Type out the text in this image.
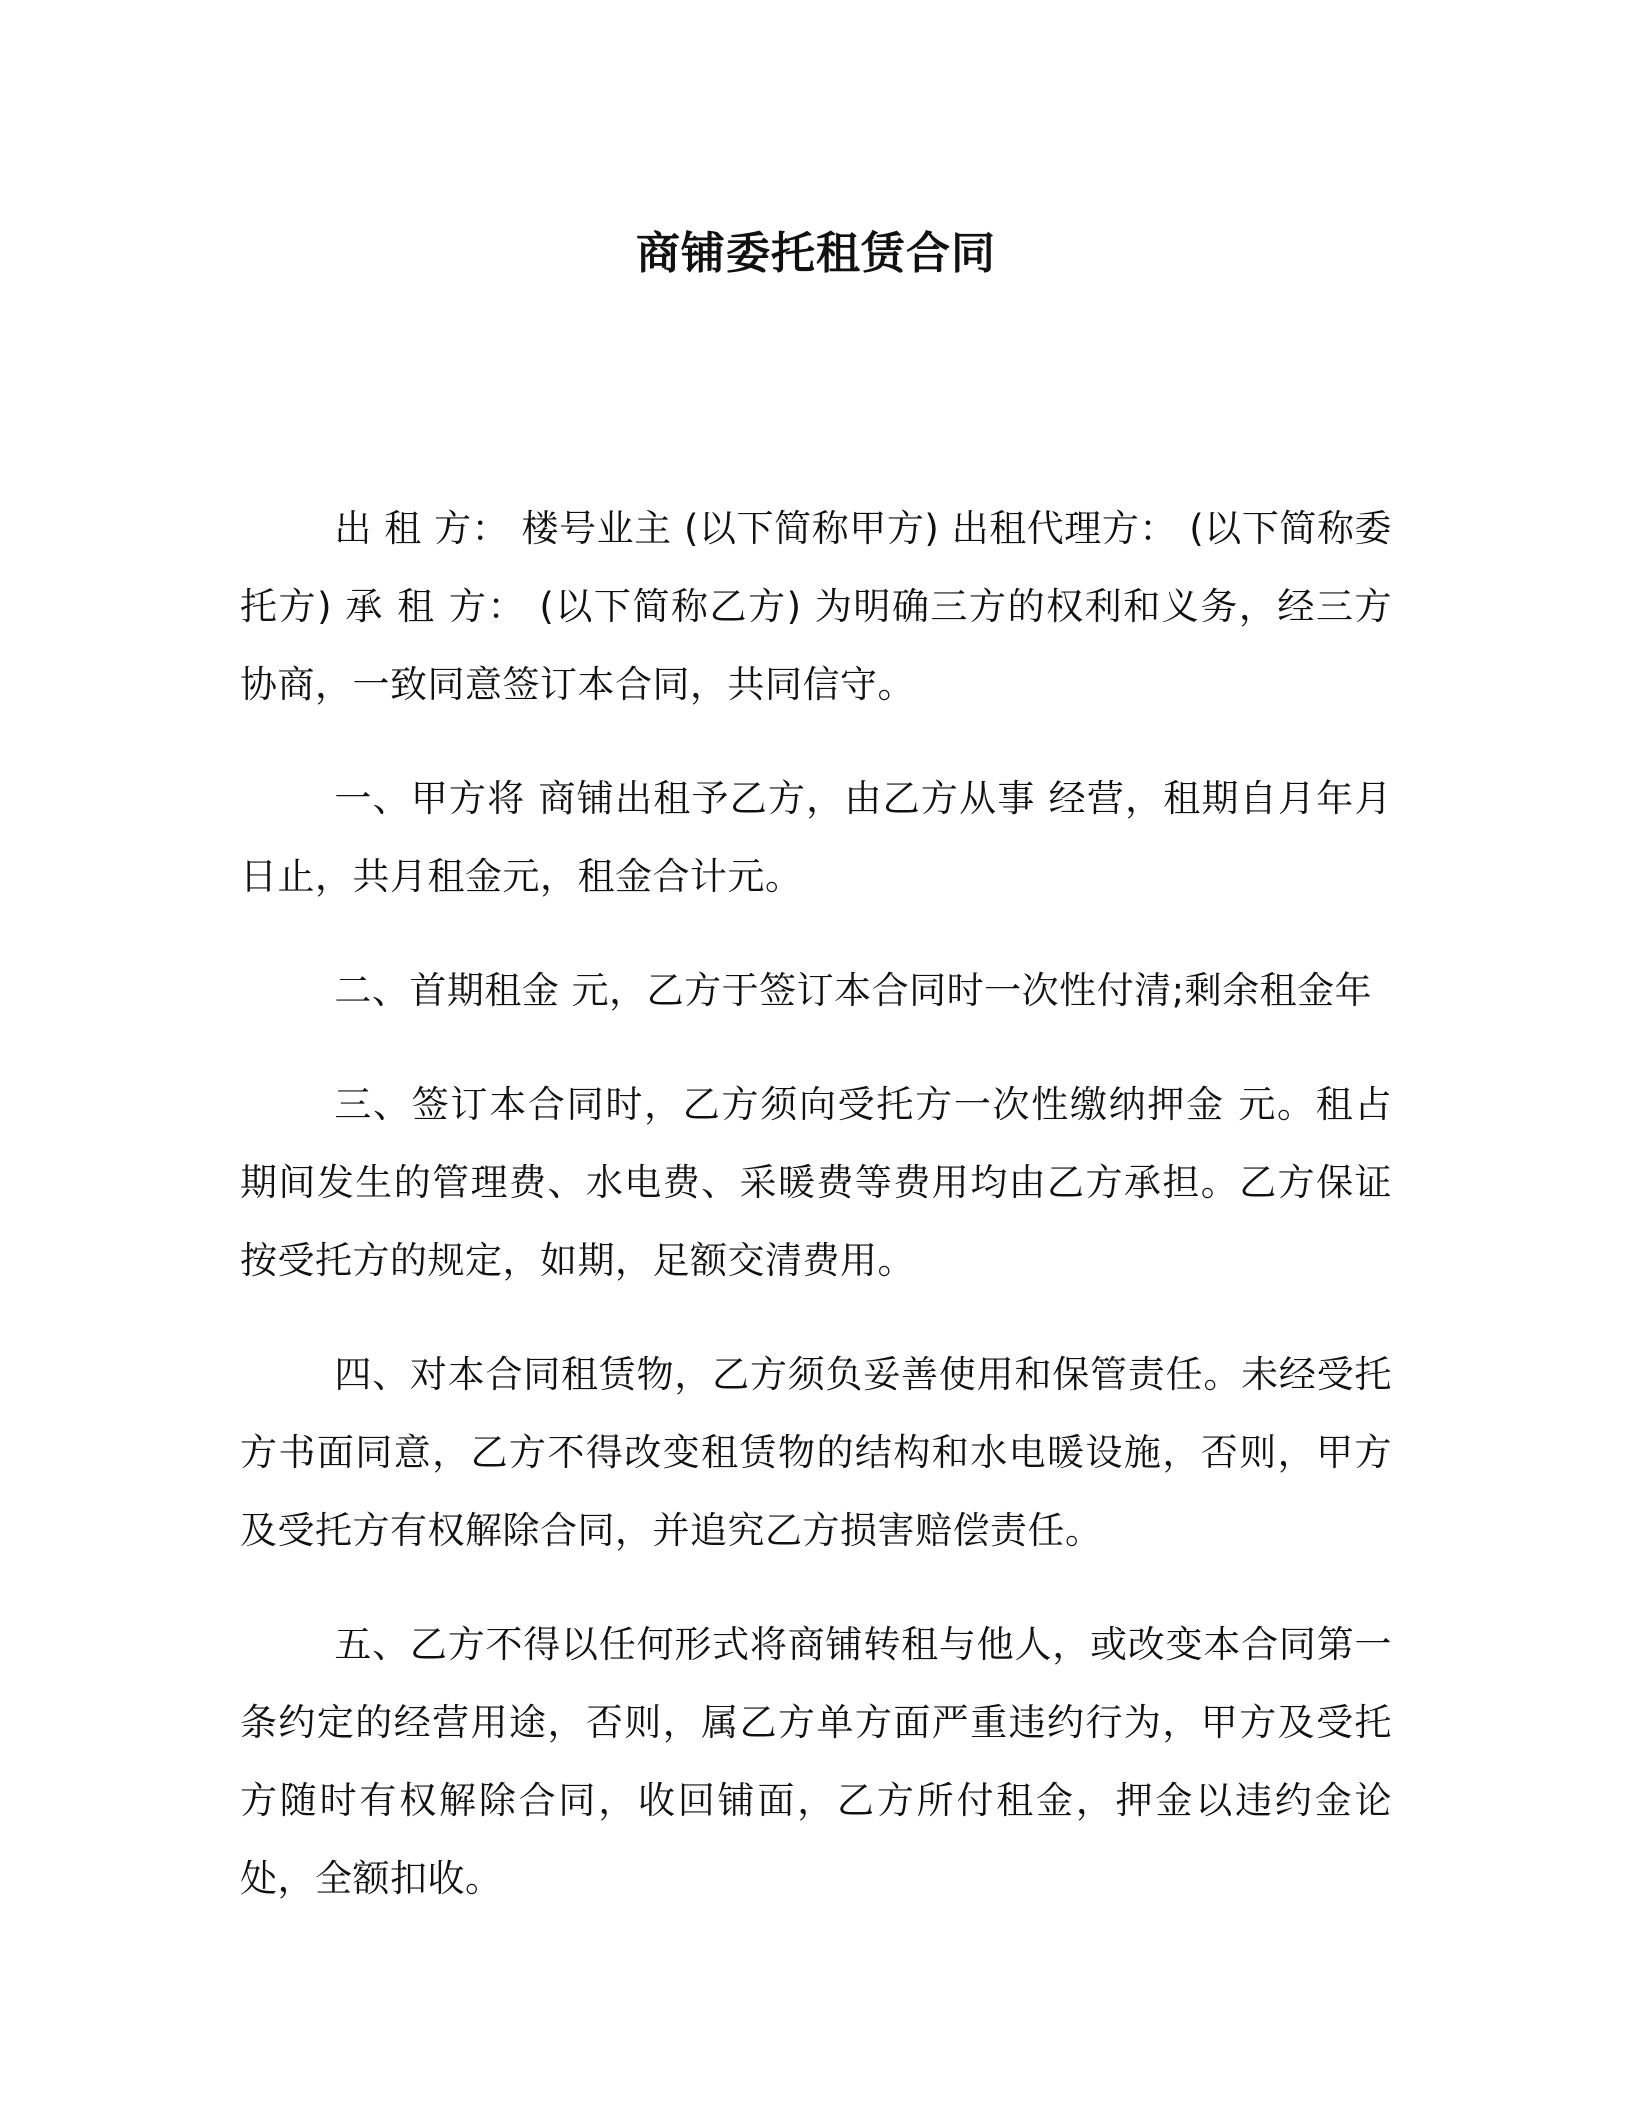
商铺委托租赁合同

出 租 方： 楼号业主 (以下简称甲方) 出租代理方： (以下简称委托方) 承 租 方： (以下简称乙方) 为明确三方的权利和义务，经三方协商，一致同意签订本合同，共同信守。

一、甲方将 商铺出租予乙方，由乙方从事 经营，租期自月年月日止，共月租金元，租金合计元。

二、首期租金 元，乙方于签订本合同时一次性付清;剩余租金年

三、签订本合同时，乙方须向受托方一次性缴纳押金 元。租占期间发生的管理费、水电费、采暖费等费用均由乙方承担。乙方保证按受托方的规定，如期，足额交清费用。

四、对本合同租赁物，乙方须负妥善使用和保管责任。未经受托方书面同意，乙方不得改变租赁物的结构和水电暖设施，否则，甲方及受托方有权解除合同，并追究乙方损害赔偿责任。

五、乙方不得以任何形式将商铺转租与他人，或改变本合同第一条约定的经营用途，否则，属乙方单方面严重违约行为，甲方及受托方随时有权解除合同，收回铺面，乙方所付租金，押金以违约金论处，全额扣收。
